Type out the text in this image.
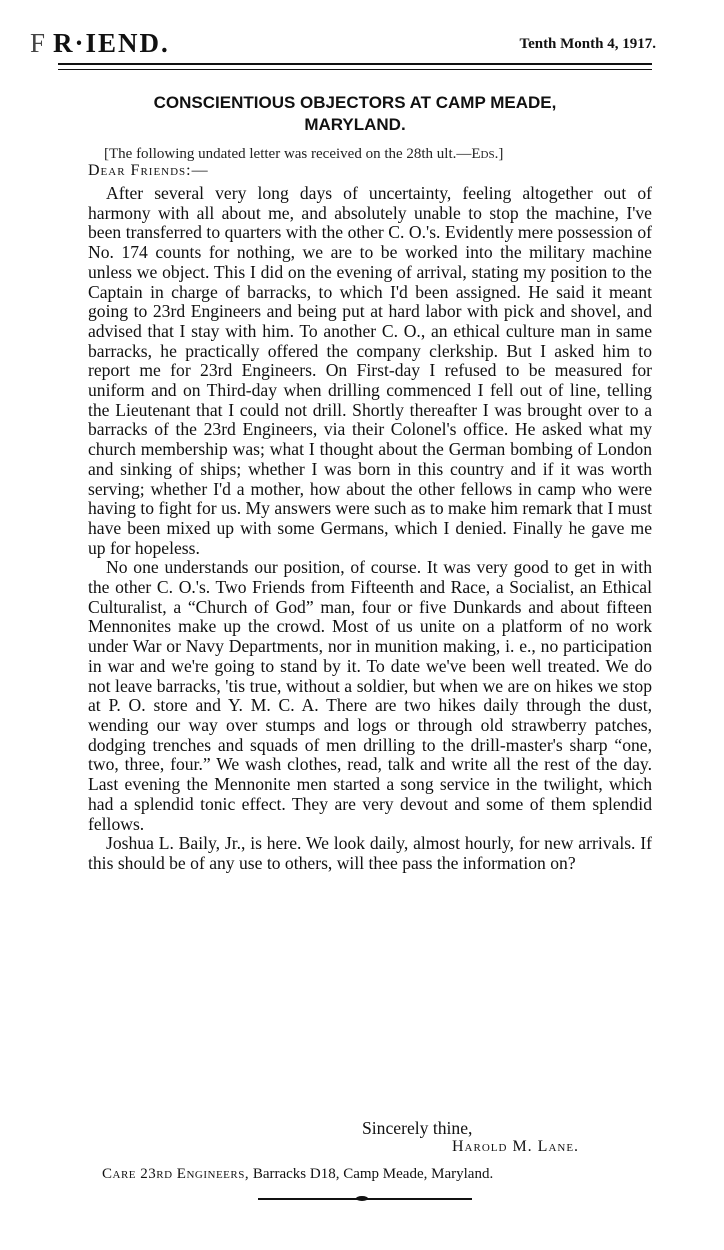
F R·IEND.	Tenth Month 4, 1917.
CONSCIENTIOUS OBJECTORS AT CAMP MEADE,
MARYLAND.
[The following undated letter was received on the 28th ult.—Eds.]
Dear Friends:—

After several very long days of uncertainty, feeling altogether out of harmony with all about me, and absolutely unable to stop the machine, I've been transferred to quarters with the other C. O.'s. Evidently mere possession of No. 174 counts for nothing, we are to be worked into the military machine unless we object. This I did on the evening of arrival, stating my position to the Captain in charge of barracks, to which I'd been assigned. He said it meant going to 23rd Engineers and being put at hard labor with pick and shovel, and advised that I stay with him. To another C. O., an ethical culture man in same barracks, he practically offered the company clerkship. But I asked him to report me for 23rd Engineers. On First-day I refused to be measured for uniform and on Third-day when drilling commenced I fell out of line, telling the Lieutenant that I could not drill. Shortly thereafter I was brought over to a barracks of the 23rd Engineers, via their Colonel's office. He asked what my church membership was; what I thought about the German bombing of London and sinking of ships; whether I was born in this country and if it was worth serving; whether I'd a mother, how about the other fellows in camp who were having to fight for us. My answers were such as to make him remark that I must have been mixed up with some Germans, which I denied. Finally he gave me up for hopeless.

No one understands our position, of course. It was very good to get in with the other C. O.'s. Two Friends from Fifteenth and Race, a Socialist, an Ethical Culturalist, a “Church of God” man, four or five Dunkards and about fifteen Mennonites make up the crowd. Most of us unite on a platform of no work under War or Navy Departments, nor in munition making, i. e., no participation in war and we're going to stand by it. To date we've been well treated. We do not leave barracks, 'tis true, without a soldier, but when we are on hikes we stop at P. O. store and Y. M. C. A. There are two hikes daily through the dust, wending our way over stumps and logs or through old strawberry patches, dodging trenches and squads of men drilling to the drill-master's sharp “one, two, three, four.” We wash clothes, read, talk and write all the rest of the day. Last evening the Mennonite men started a song service in the twilight, which had a splendid tonic effect. They are very devout and some of them splendid fellows.

Joshua L. Baily, Jr., is here. We look daily, almost hourly, for new arrivals. If this should be of any use to others, will thee pass the information on?

Sincerely thine,
Harold M. Lane.
Care 23rd Engineers, Barracks D18, Camp Meade, Maryland.
